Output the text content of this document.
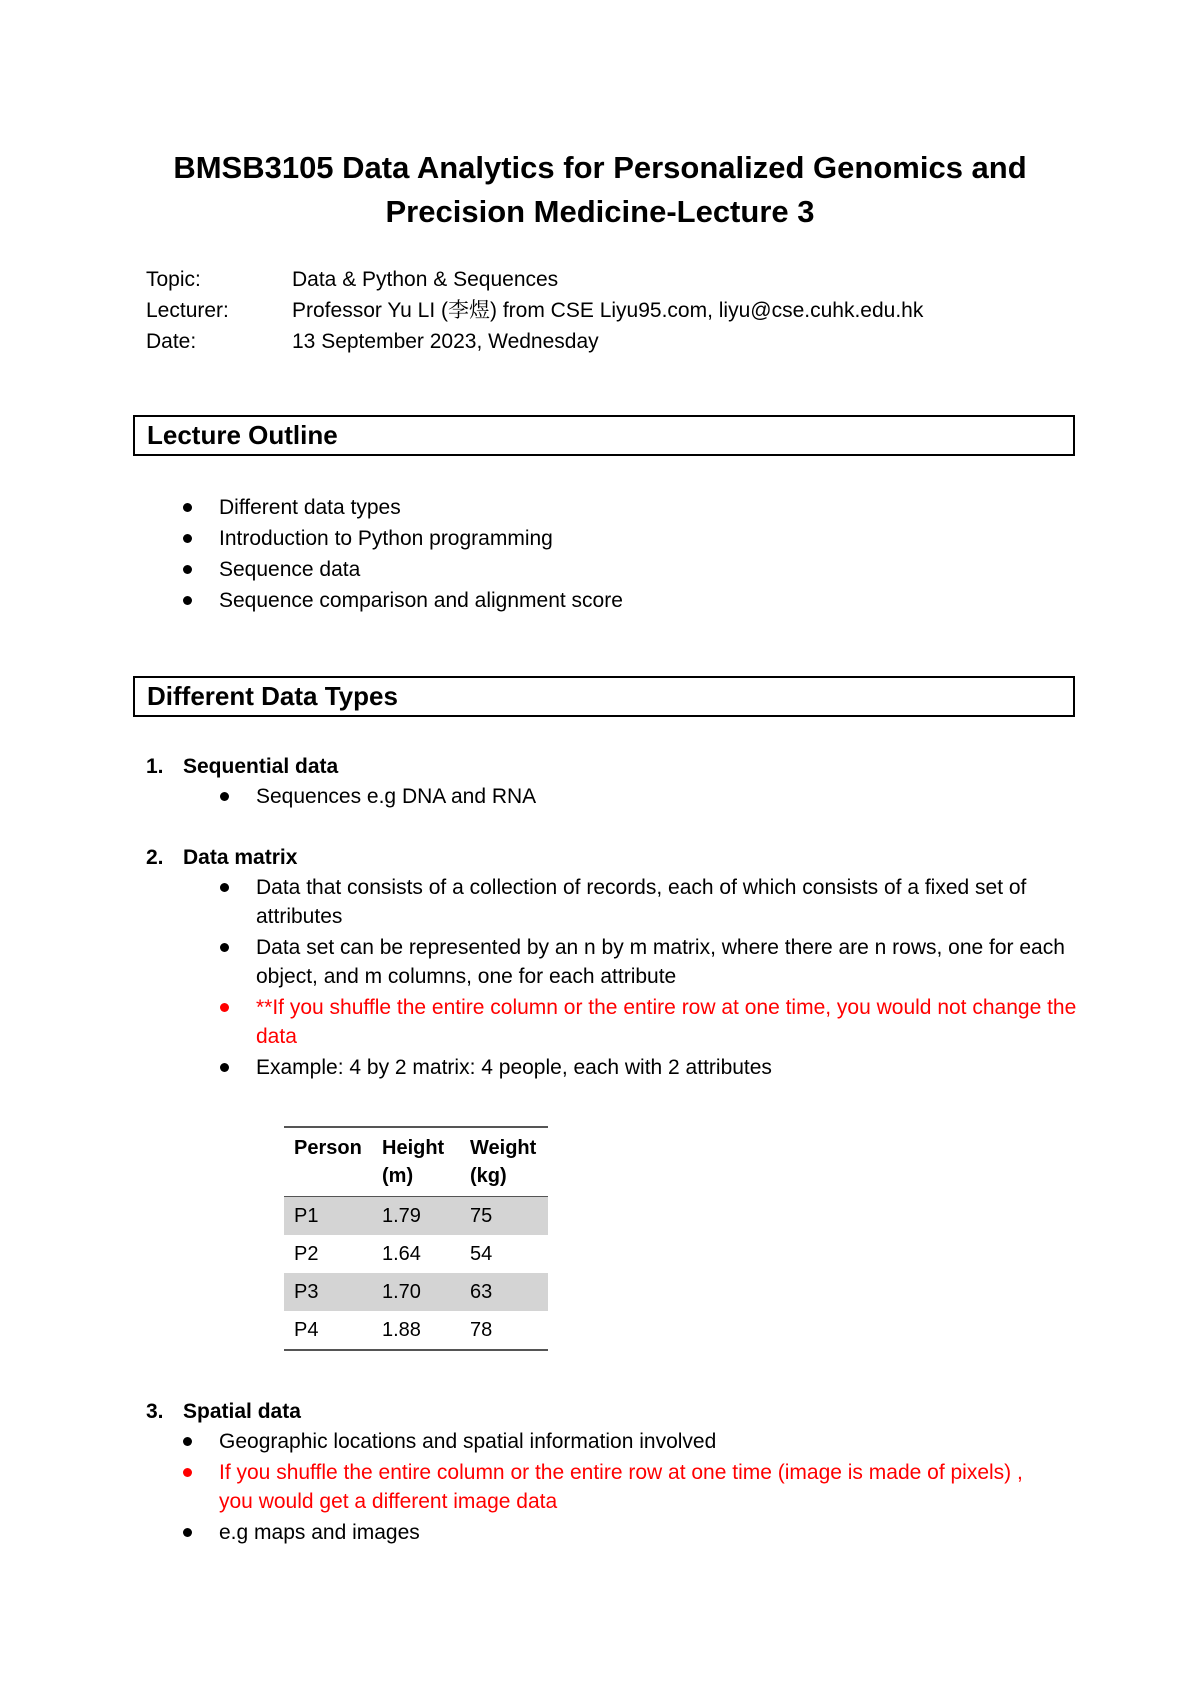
BMSB3105 Data Analytics for Personalized Genomics and
Precision Medicine-Lecture 3
Topic:	Data & Python & Sequences
Lecturer:	Professor Yu LI (李煜) from CSE Liyu95.com, liyu@cse.cuhk.edu.hk
Date:	13 September 2023, Wednesday
Lecture Outline
Different data types
Introduction to Python programming
Sequence data
Sequence comparison and alignment score
Different Data Types
1. Sequential data
Sequences e.g DNA and RNA
2. Data matrix
Data that consists of a collection of records, each of which consists of a fixed set of attributes
Data set can be represented by an n by m matrix, where there are n rows, one for each object, and m columns, one for each attribute
**If you shuffle the entire column or the entire row at one time, you would not change the data
Example: 4 by 2 matrix: 4 people, each with 2 attributes
Person	Height (m)	Weight (kg)
P1	1.79	75
P2	1.64	54
P3	1.70	63
P4	1.88	78
3. Spatial data
Geographic locations and spatial information involved
If you shuffle the entire column or the entire row at one time (image is made of pixels) , you would get a different image data
e.g maps and images
